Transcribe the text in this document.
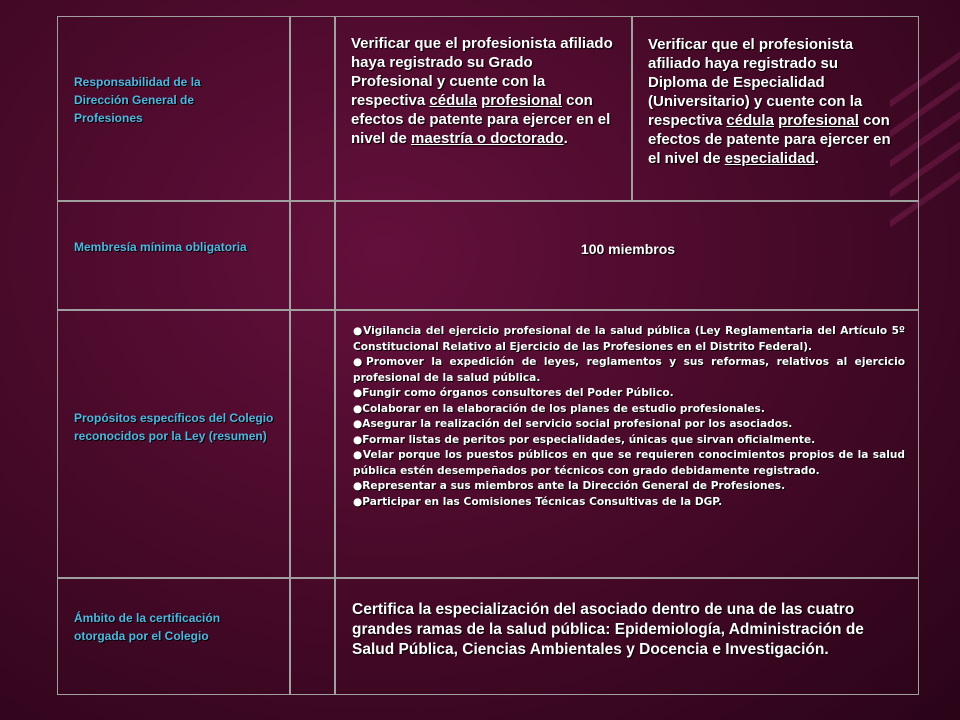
Responsabilidad de la Dirección General de Profesiones
Verificar que el profesionista afiliado haya registrado su Grado Profesional y cuente con la respectiva cédula profesional con efectos de patente para ejercer en el nivel de maestría o doctorado.
Verificar que el profesionista afiliado haya registrado su Diploma de Especialidad (Universitario) y cuente con la respectiva cédula profesional con efectos de patente para ejercer en el nivel de especialidad.
Membresía mínima obligatoria	100 miembros
Propósitos específicos del Colegio reconocidos por la Ley (resumen)

●Vigilancia del ejercicio profesional de la salud pública (Ley Reglamentaria del Artículo 5º Constitucional Relativo al Ejercicio de las Profesiones en el Distrito Federal).

●Promover la expedición de leyes, reglamentos y sus reformas, relativos al ejercicio profesional de la salud pública.

●Fungir como órganos consultores del Poder Público.

●Colaborar en la elaboración de los planes de estudio profesionales.

●Asegurar la realización del servicio social profesional por los asociados.

●Formar listas de peritos por especialidades, únicas que sirvan oficialmente.

●Velar porque los puestos públicos en que se requieren conocimientos propios de la salud pública estén desempeñados por técnicos con grado debidamente registrado.

●Representar a sus miembros ante la Dirección General de Profesiones.

●Participar en las Comisiones Técnicas Consultivas de la DGP.

Ámbito de la certificación otorgada por el Colegio
Certifica la especialización del asociado dentro de una de las cuatro grandes ramas de la salud pública: Epidemiología, Administración de Salud Pública, Ciencias Ambientales y Docencia e Investigación.
